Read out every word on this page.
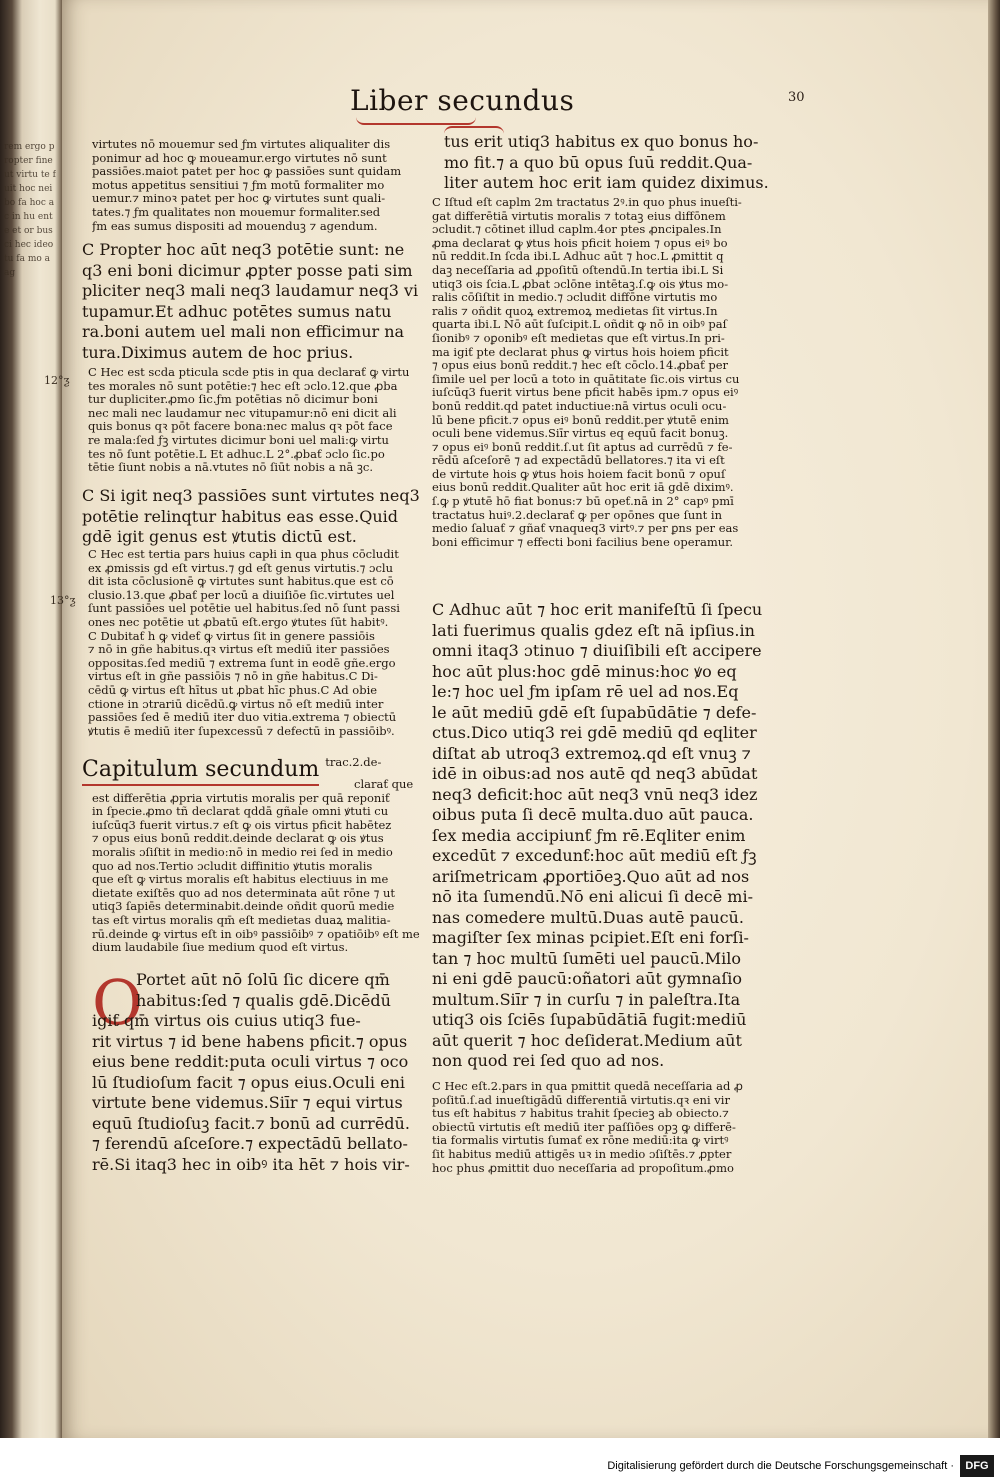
rem ergo propter fine ut virtu te fuit hoc nei bo fa hoc ac in hu ente et or bus ci hec ideo tu fa mo a ag
Liber secundus	30
virtutes nō mouemur sed ƒm virtutes aliqualiter dis
ponimur ad hoc ꝙ moueamur.ergo virtutes nō sunt
passiōes.maiot patet per hoc ꝙ passiōes sunt quidam
motus appetitus sensitiui ⁊ ƒm motū formaliter mo
uemur.⁊ minoꝛ patet per hoc ꝙ virtutes sunt quali-
tates.⁊ ƒm qualitates non mouemur formaliter.sed
ƒm eas sumus dispositi ad mouenduꝫ ⁊ agendum.
C Propter hoc aūt neq3 potētie sunt: ne
q3 eni boni dicimur ꝓpter posse pati sim
pliciter neq3 mali neq3 laudamur neq3 vi
tupamur.Et adhuc potētes sumus natu
ra.boni autem uel mali non efficimur na
tura.Diximus autem de hoc prius.
12°ƺ
C Hec est scda pticula scde ptis in qua declaraƭ ꝙ virtu
tes morales nō sunt potētie:⁊ hec eſt ɔclo.12.que ꝓba
tur dupliciter.ꝓmo ſic.ƒm potētias nō dicimur boni
nec mali nec laudamur nec vitupamur:nō eni dicit ali
quis bonus qꝛ pōt facere bona:nec malus qꝛ pōt face
re mala:ſed ƒꝫ virtutes dicimur boni uel mali:ꝙ virtu
tes nō ſunt potētie.L Et adhuc.L 2°.ꝓbaƭ ɔclo ſic.po
tētie ſiunt nobis a nā.vtutes nō ſiūt nobis a nā ꝫc.
C Si igit neq3 passiōes sunt virtutes neq3
potētie relinqtur habitus eas esse.Quid
gdē igit genus est ꝟtutis dictū est.
13°ƺ
C Hec est tertia pars huius capłi in qua phus cōcludit
ex ꝓmissis gd eſt virtus.⁊ gd eſt genus virtutis.⁊ ɔclu
dit ista cōclusionē ꝙ virtutes sunt habitus.que est cō
clusio.13.que ꝓbaƭ per locū a diuiſiōe ſic.virtutes uel
ſunt passiōes uel potētie uel habitus.ſed nō ſunt passi
ones nec potētie ut ꝓbatū eſt.ergo ꝟtutes ſūt habitꝰ.
C Dubitaƭ h ꝙ videƭ ꝙ virtus ſit in genere passiōis
⁊ nō in gñe habitus.qꝛ virtus eſt mediū iter passiōes
oppositas.ſed mediū ⁊ extrema ſunt in eodē gñe.ergo
virtus eſt in gñe passiōis ⁊ nō in gñe habitus.C Di-
cēdū ꝙ virtus eſt hītus ut ꝓbat hīc phus.C Ad obie
ctione in ɔtrariū dicēdū.ꝙ virtus nō eſt mediū inter
passiōes ſed ē mediū iter duo vitia.extrema ⁊ obiectū
ꝟtutis ē mediū iter ſupexcessū ⁊ defectū in passiōibꝰ.
Capitulum secundum $^{trac.2.de-}$
claraƭ que
est differētia ꝓpria virtutis moralis per quā reponiƭ
in ſpecie.ꝓmo tñ declarat qddā gñale omni ꝟtuti cu
iuſcūq3 fuerit virtus.⁊ eſt ꝙ ois virtus pficit habētez
⁊ opus eius bonū reddit.deinde declarat ꝙ ois ꝟtus
moralis ɔſiſtit in medio:nō in medio rei ſed in medio
quo ad nos.Tertio ɔcludit diffinitio ꝟtutis moralis
que eſt ꝙ virtus moralis eſt habitus electiuus in me
dietate exiſtēs quo ad nos determinata aūt rōne ⁊ ut
utiq3 ſapiēs determinabit.deinde oñdit quorū medie
tas eſt virtus moralis qm̄ eſt medietas duaꝝ malitia-
rū.deinde ꝙ virtus eſt in oibꝰ passiōibꝰ ⁊ opatiōibꝰ eſt me
dium laudabile ſiue medium quod eſt virtus.
O
Portet aūt nō ſolū ſic dicere qm̄
habitus:ſed ⁊ qualis gdē.Dicēdū
igiƭ qm̄ virtus ois cuius utiq3 fue-
rit virtus ⁊ id bene habens pficit.⁊ opus
eius bene reddit:puta oculi virtus ⁊ oco
lū ſtudioſum facit ⁊ opus eius.Oculi eni
virtute bene videmus.Siīr ⁊ equi virtus
equū ſtudioſuꝫ facit.⁊ bonū ad currēdū.
⁊ ferendū aſceſore.⁊ expectādū bellato-
rē.Si itaq3 hec in oibꝰ ita hēt ⁊ hois vir-
tus erit utiq3 habitus ex quo bonus ho-
mo fit.⁊ a quo bū opus ſuū reddit.Qua-
liter autem hoc erit iam quidez diximus.
C Iſtud eſt caplm 2m tractatus 2ꝰ.in quo phus inueſti-
gat differētiā virtutis moralis ⁊ totaꝫ eius diffōnem
ɔcludit.⁊ cōtinet illud caplm.4or ptes ꝓncipales.In
ꝓma declarat ꝙ ꝟtus hois pficit hoiem ⁊ opus eiꝰ bo
nū reddit.In ſcda ibi.L Adhuc aūt ⁊ hoc.L ꝓmittit q
daꝫ neceſſaria ad ꝓpoſitū oſtendū.In tertia ibi.L Si
utiq3 ois ſcia.L ꝓbat ɔclōne intētaꝫ.ſ.ꝙ ois ꝟtus mo-
ralis cōſiſtit in medio.⁊ ɔcludit diffōne virtutis mo
ralis ⁊ oñdit quoꝝ extremoꝝ medietas ſit virtus.In
quarta ibi.L Nō aūt ſuſcipit.L oñdit ꝙ nō in oibꝰ paſ
ſionibꝰ ⁊ oꝑonibꝰ eſt medietas que eſt virtus.In pri-
ma igiƭ pte declarat phus ꝙ virtus hois hoiem pficit
⁊ opus eius bonū reddit.⁊ hec eſt cōclo.14.ꝓbaƭ per
ſimile uel per locū a toto in quātitate ſic.ois virtus cu
iuſcūq3 fuerit virtus bene pficit habēs ipm.⁊ opus eiꝰ
bonū reddit.qd patet inductiue:nā virtus oculi ocu-
lū bene pficit.⁊ opus eiꝰ bonū reddit.per ꝟtutē enim
oculi bene videmus.Siīr virtus eq equū facit bonuꝫ.
⁊ opus eiꝰ bonū reddit.ſ.ut ſit aptus ad currēdū ⁊ fe-
rēdū aſceſorē ⁊ ad expectādū bellatores.⁊ ita vi eſt
de virtute hois ꝙ ꝟtus hois hoiem facit bonū ⁊ opuſ
eius bonū reddit.Qualiter aūt hoc erit iā gdē diximꝰ.
ſ.ꝙ p ꝟtutē hō fiat bonus:⁊ bū opeƭ.nā in 2° capꝰ pmī
tractatus huiꝰ.2.declaraƭ ꝙ per opōnes que ſunt in
medio ſaluaƭ ⁊ gñaƭ vnaqueq3 virtꝰ.⁊ per ꝑns per eas
boni efficimur ⁊ effecti boni facilius bene operamur.
C Adhuc aūt ⁊ hoc erit manifeſtū ſi ſpecu
lati fuerimus qualis gdez eſt nā ipſius.in
omni itaq3 ɔtinuo ⁊ diuiſibili eſt accipere
hoc aūt plus:hoc gdē minus:hoc ꝟo eq
le:⁊ hoc uel ƒm ipſam rē uel ad nos.Eq
le aūt mediū gdē eſt ſupabūdātie ⁊ defe-
ctus.Dico utiq3 rei gdē mediū qd eqliter
diſtat ab utroq3 extremoꝝ.qd eſt vnuꝫ ⁊
idē in oibus:ad nos autē qd neq3 abūdat
neq3 deficit:hoc aūt neq3 vnū neq3 idez
oibus puta ſi decē multa.duo aūt pauca.
ſex media accipiunƭ ƒm rē.Eqliter enim
excedūt ⁊ excedunƭ:hoc aūt mediū eſt ƒꝫ
ariſmetricam ꝓportiōeꝫ.Quo aūt ad nos
nō ita ſumendū.Nō eni alicui ſi decē mi-
nas comedere multū.Duas autē paucū.
magiſter ſex minas pcipiet.Eſt eni forſi-
tan ⁊ hoc multū ſumēti uel paucū.Milo
ni eni gdē paucū:oñatori aūt gymnaſio
multum.Siīr ⁊ in curſu ⁊ in paleſtra.Ita
utiq3 ois ſciēs ſupabūdātiā fugit:mediū
aūt querit ⁊ hoc deſiderat.Medium aūt
non quod rei ſed quo ad nos.
C Hec eſt.2.pars in qua pmittit quedā neceſſaria ad ꝓ
poſitū.ſ.ad inueſtigādū differentiā virtutis.qꝛ eni vir
tus eſt habitus ⁊ habitus trahit ſpecieꝫ ab obiecto.⁊
obiectū virtutis eſt mediū iter paſſiōes opꝫ ꝙ differē-
tia formalis virtutis ſumaƭ ex rōne mediū:ita ꝙ virtꝰ
ſit habitus mediū attigēs uꝛ in medio ɔſiſtēs.⁊ ꝓpter
hoc phus ꝓmittit duo neceſſaria ad propoſitum.ꝓmo
Digitalisierung gefördert durch die Deutsche Forschungsgemeinschaft ·	DFG
